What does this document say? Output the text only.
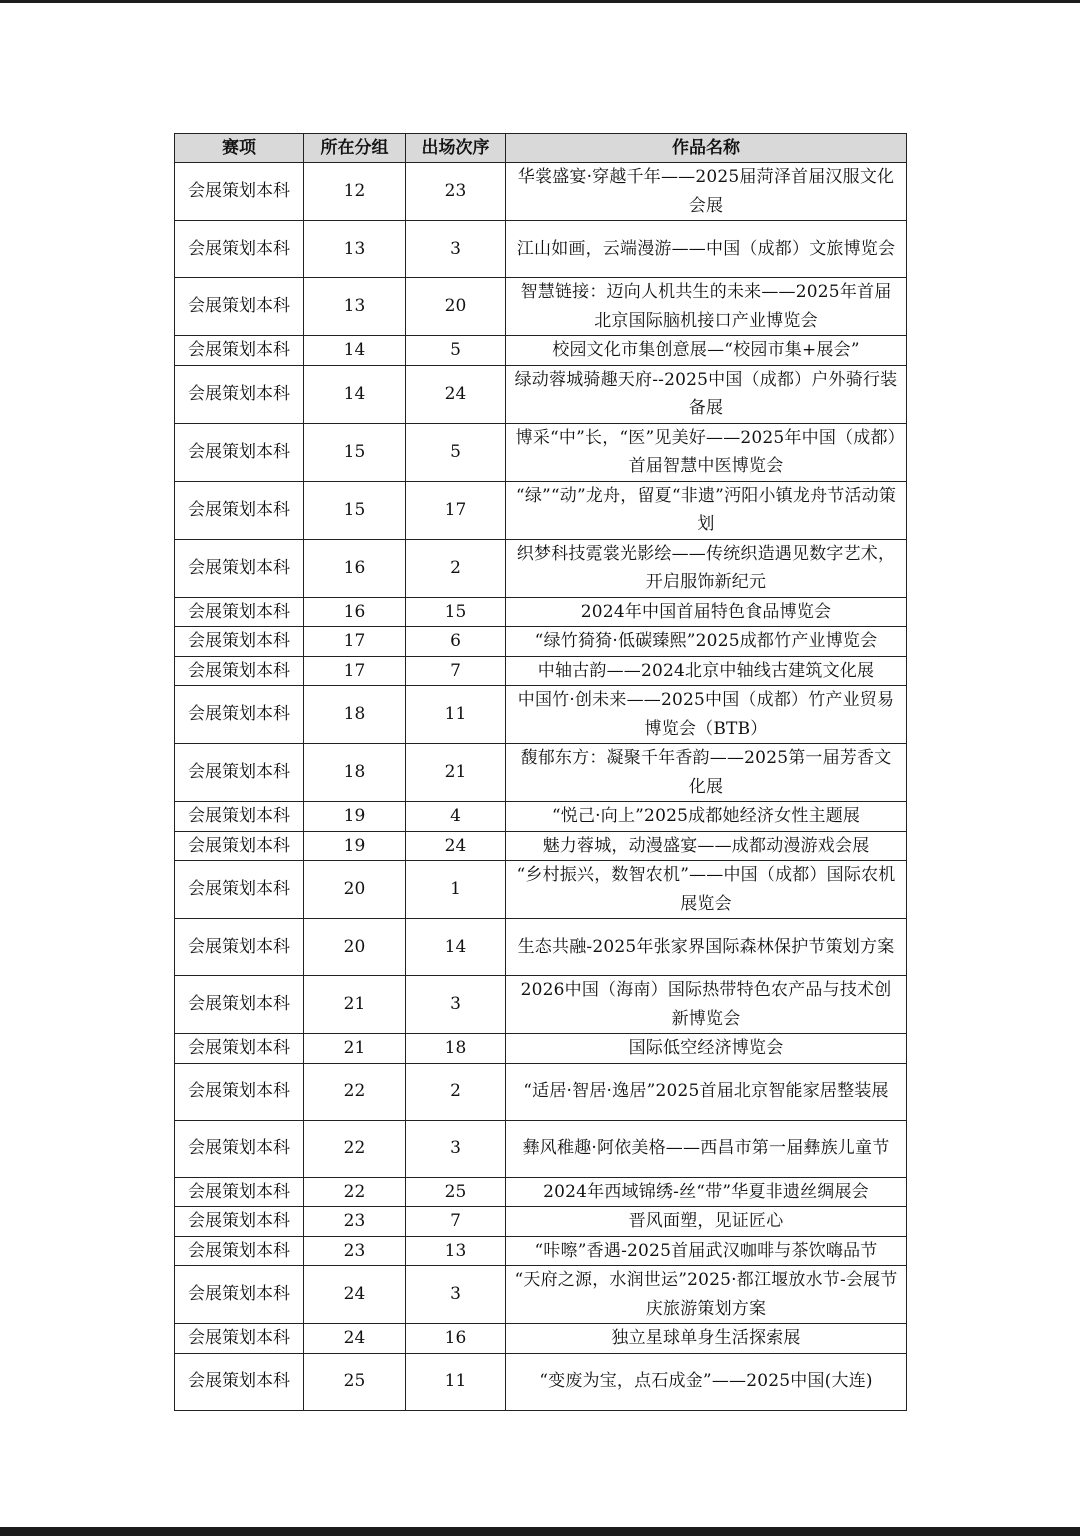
赛项	所在分组	出场次序	作品名称
会展策划本科	12	23	华裳盛宴·穿越千年——2025届菏泽首届汉服文化会展
会展策划本科	13	3	江山如画，云端漫游——中国（成都）文旅博览会
会展策划本科	13	20	智慧链接：迈向人机共生的未来——2025年首届北京国际脑机接口产业博览会
会展策划本科	14	5	校园文化市集创意展—“校园市集+展会”
会展策划本科	14	24	绿动蓉城骑趣天府--2025中国（成都）户外骑行装备展
会展策划本科	15	5	博采“中”长，“医”见美好——2025年中国（成都）首届智慧中医博览会
会展策划本科	15	17	“绿”“动”龙舟，留夏“非遗”沔阳小镇龙舟节活动策划
会展策划本科	16	2	织梦科技霓裳光影绘——传统织造遇见数字艺术，开启服饰新纪元
会展策划本科	16	15	2024年中国首届特色食品博览会
会展策划本科	17	6	“绿竹猗猗·低碳臻熙”2025成都竹产业博览会
会展策划本科	17	7	中轴古韵——2024北京中轴线古建筑文化展
会展策划本科	18	11	中国竹·创未来——2025中国（成都）竹产业贸易博览会（BTB）
会展策划本科	18	21	馥郁东方：凝聚千年香韵——2025第一届芳香文化展
会展策划本科	19	4	“悦己·向上”2025成都她经济女性主题展
会展策划本科	19	24	魅力蓉城，动漫盛宴——成都动漫游戏会展
会展策划本科	20	1	“乡村振兴，数智农机”——中国（成都）国际农机展览会
会展策划本科	20	14	生态共融-2025年张家界国际森林保护节策划方案
会展策划本科	21	3	2026中国（海南）国际热带特色农产品与技术创新博览会
会展策划本科	21	18	国际低空经济博览会
会展策划本科	22	2	“适居·智居·逸居”2025首届北京智能家居整装展
会展策划本科	22	3	彝风稚趣·阿依美格——西昌市第一届彝族儿童节
会展策划本科	22	25	2024年西域锦绣-丝“带”华夏非遗丝绸展会
会展策划本科	23	7	晋风面塑，见证匠心
会展策划本科	23	13	“咔嚓”香遇-2025首届武汉咖啡与茶饮嗨品节
会展策划本科	24	3	“天府之源，水润世运”2025·都江堰放水节-会展节庆旅游策划方案
会展策划本科	24	16	独立星球单身生活探索展
会展策划本科	25	11	“变废为宝，点石成金”——2025中国(大连)
